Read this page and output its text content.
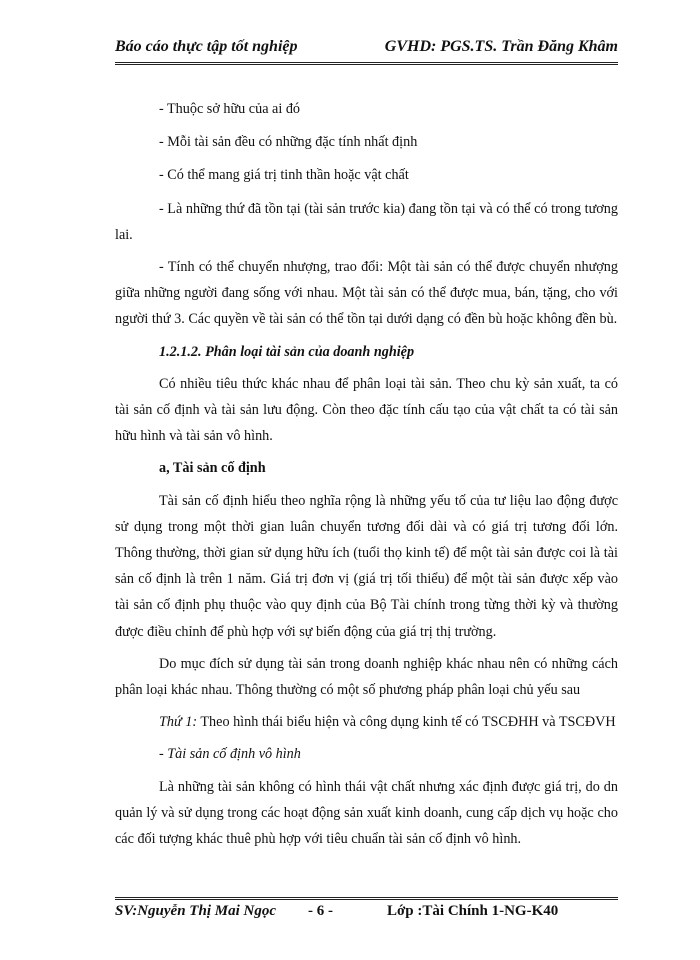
Báo cáo thực tập tốt nghiệp	GVHD: PGS.TS. Trần Đăng Khâm

- Thuộc sở hữu của ai đó

- Mỗi tài sản đều có những đặc tính nhất định

- Có thể mang giá trị tinh thần hoặc vật chất

- Là những thứ đã tồn tại (tài sản trước kia) đang tồn tại và có thể có trong tương lai.

- Tính có thể chuyển nhượng, trao đổi: Một tài sản có thể được chuyển nhượng giữa những người đang sống với nhau. Một tài sản có thể được mua, bán, tặng, cho với người thứ 3. Các quyền về tài sản có thể tồn tại dưới dạng có đền bù hoặc không đền bù.

1.2.1.2. Phân loại tài sản của doanh nghiệp

Có nhiều tiêu thức khác nhau để phân loại tài sản. Theo chu kỳ sản xuất, ta có tài sản cố định và tài sản lưu động. Còn theo đặc tính cấu tạo của vật chất ta có tài sản hữu hình và tài sản vô hình.

a, Tài sản cố định

Tài sản cố định hiểu theo nghĩa rộng là những yếu tố của tư liệu lao động được sử dụng trong một thời gian luân chuyển tương đối dài và có giá trị tương đối lớn. Thông thường, thời gian sử dụng hữu ích (tuổi thọ kinh tế) để một tài sản được coi là tài sản cố định là trên 1 năm. Giá trị đơn vị (giá trị tối thiểu) để một tài sản được xếp vào tài sản cố định phụ thuộc vào quy định của Bộ Tài chính trong từng thời kỳ và thường được điều chỉnh để phù hợp với sự biến động của giá trị thị trường.

Do mục đích sử dụng tài sản trong doanh nghiệp khác nhau nên có những cách phân loại khác nhau. Thông thường có một số phương pháp phân loại chủ yếu sau

Thứ 1: Theo hình thái biểu hiện và công dụng kinh tế có TSCĐHH và TSCĐVH

- Tài sản cố định vô hình

Là những tài sản không có hình thái vật chất nhưng xác định được giá trị, do dn quản lý và sử dụng trong các hoạt động sản xuất kinh doanh, cung cấp dịch vụ hoặc cho các đối tượng khác thuê phù hợp với tiêu chuẩn tài sản cố định vô hình.

SV:Nguyễn Thị Mai Ngọc - 6 -	Lớp :Tài Chính 1-NG-K40
